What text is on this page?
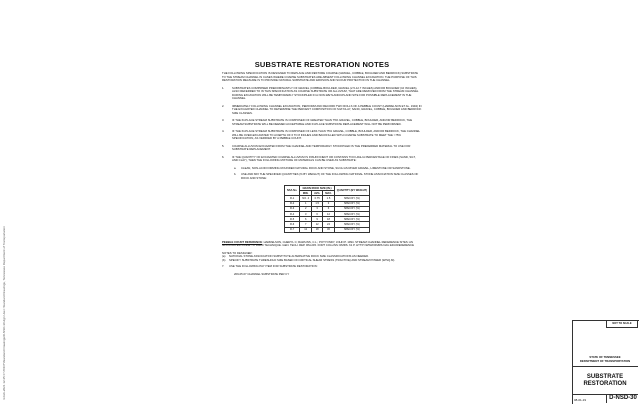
4-Feb-2021 12:25 C:\TDOT\Standard Drawings\D-NSD-30.dgn User: Standard Drawings, Tennessee Department of Transportation
SUBSTRATE RESTORATION NOTES

THE FOLLOWING SPECIFICATION IS DESIGNED TO REPLACE AND RESTORE COARSE (GRAVEL, COBBLE, BOULDER AND BEDROCK) SUBSTRATE TO THE STREAM CHANNEL IN CASES WHERE COARSE SUBSTRATES ARE ABSENT FOLLOWING CHANNEL EXCAVATION. THE PURPOSE OF THIS RESTORATION MEASURE IS TO PROVIDE NATURAL SUBSTRATE AND EROSION AND SCOUR PROTECTION IN THE CHANNEL.

1.	SUBSTRATES COMPRISED PREDOMINANTLY OF GRAVEL (COBBLE-BOULDER, GRAVEL (2.5-12.7 INCHES) AND/OR BOULDER (10 INCHES), ALSO REFERRED TO IN THIS SPECIFICATION AS COARSE SUBSTRATE OR ALLUVIUM, THAT ARE REMOVED FROM THE STREAM CHANNEL DURING EXCAVATION WILL BE TEMPORARILY STOCKPILED IN A NON-WETLAND/UPLAND SITE FOR POSSIBLE REPLACEMENT IN THE CHANNEL.

2.	IMMEDIATELY FOLLOWING CHANNEL EXCAVATION, PERFORM AND RECORD TWO ROLLS OF A PEBBLE COUNT (HARRELSON ET AL. 1994) IN THE EXCAVATED CHANNEL TO DETERMINE THE PERCENT COMPOSITION OF SILT/CLAY, SAND, GRAVEL, COBBLE, BOULDER AND BEDROCK SIZE CLASSES.

3.	IF THE IN-PLACE STREAM SUBSTRATE IS COMPOSED OF GREATER THAN 75% GRAVEL, COBBLE, BOULDER, AND/OR BEDROCK, THE STREAM SUBSTRATE WILL BE DEEMED ACCEPTABLE AND IN-PLACE SUBSTRATE REPLACEMENT WILL NOT BE PERFORMED.

4.	IF THE IN-PLACE STREAM SUBSTRATE IS COMPOSED OF LESS THAN 75% GRAVEL, COBBLE, BOULDER, AND/OR BEDROCK, THE CHANNEL WILL BE OVER-EXCAVATED TO A DEPTH OF 6 TO 8 INCHES AND BACKFILLED WITH COARSE SUBSTRATE TO MEET THE >75% SPECIFICATION, AS VERIFIED BY A PEBBLE COUNT.

5.	COARSE ALLUVIUM EXCAVATED FROM THE CHANNEL AND TEMPORARILY STOCKPILED IS THE PREFERRED MATERIAL TO USE FOR SUBSTRATE REPLACEMENT.

6.	IF THE QUANTITY OF EXCAVATED COARSE ALLUVIUM IS INSUFFICIENT OR CONTAINS TOO HIGH A PERCENTAGE OF FINES (SAND, SILT, AND CLAY), THEN THE FOLLOWING MIXTURE OF MATERIALS CAN BE USED AS SUBSTRATE:

a.	CLEAN, NON-ACID FORMING ROUNDED NATURAL ROCK AND STONE, SUCH AS RIVER GRAVEL, LIMESTONE OR SANDSTONE.
b.	USE AND MIX THE SPECIFIED QUANTITIES (% BY WEIGHT) OF THE FOLLOWING NATIONAL STONE ASSOCIATION SIZE CLASSES OF ROCK AND STONE:
NSA No.	GRAIN ROCK SIZE (IN.)			QUANTITY (BY WEIGHT)
	MIN.	AVG.	MAX.	
R-1	NO. 4	0.75	1.5	SPECIFY (%)
R-2	1	1.5	3	SPECIFY (%)
R-3	2	3	6	SPECIFY (%)
R-4	3	6	12	SPECIFY (%)
R-5	6	9	18	SPECIFY (%)
R-6	7	12	24	SPECIFY (%)
R-7	12	18	36	SPECIFY (%)

PEBBLE COUNT REFERENCE: HARRELSON, CHERYL C; RAWLINS, C.L.; POTYONDY, JOHN P. 1994. STREAM CHANNEL REFERENCE SITES: AN ILLUSTRATED GUIDE TO FIELD TECHNIQUE. GEN. TECH. REP. RM-245. FORT COLLINS: RMRS. 61 P. HTTP://WWW.RMRS.NAU.EDU/REFERENCE

NOTES TO DESIGNER:

(a)	NATIONAL STONE ASSOCIATION SUBSTITUTE ALTERNATIVE ROCK SIZE CLASSIFICATIONS AS NEEDED.
(b)	SPECIFY SUBSTRATE THRESHOLD SIZE BASED ON CRITICAL SHEAR STRESS (TRACTIVE) AND STREAM POWER (W/SQ.M).
7.	USE THE FOLLOWING PAY ITEM FOR SUBSTRATE RESTORATION:

209-05.07 CHANNEL SUBSTRATE PER CY

NOT TO SCALE
STATE OF TENNESSEE
DEPARTMENT OF TRANSPORTATION
SUBSTRATE RESTORATION
08-01-19	D-NSD-30
